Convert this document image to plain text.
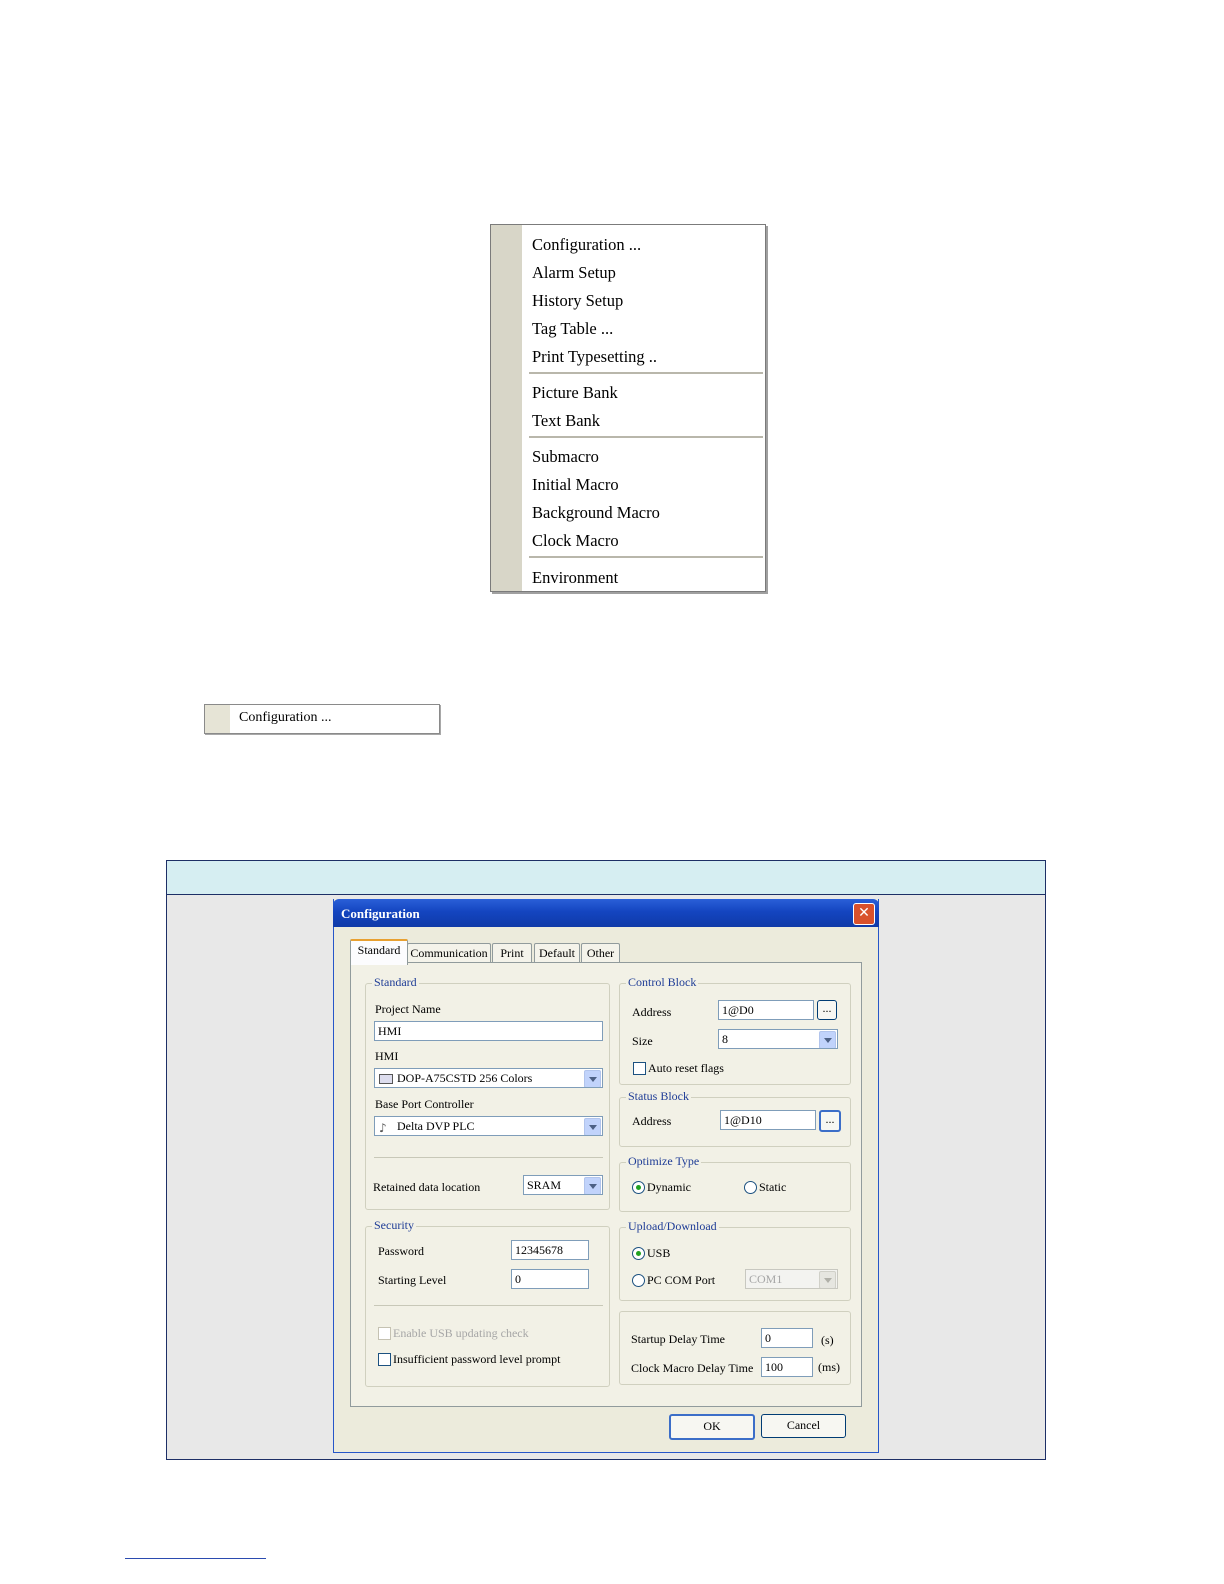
Configuration ...
Alarm Setup
History Setup
Tag Table ...
Print Typesetting ..
Picture Bank
Text Bank
Submacro
Initial Macro
Background Macro
Clock Macro
Environment
Configuration ...
Configuration	✕
Standard Communication	Print	Default Other
Standard
Project Name
HMI
HMI
DOP-A75CSTD 256 Colors
Base Port Controller
♪ Delta DVP PLC
Retained data location	SRAM
Security
Password	12345678
Starting Level	0
Enable USB updating check
Insufficient password level prompt
Control Block
Address	1@D0	...
Size	8
Auto reset flags
Status Block
Address	1@D10	...
Optimize Type
Dynamic	Static
Upload/Download
USB
PC COM Port	COM1
Startup Delay Time	0	(s)
Clock Macro Delay Time 100	(ms)
OK	Cancel
